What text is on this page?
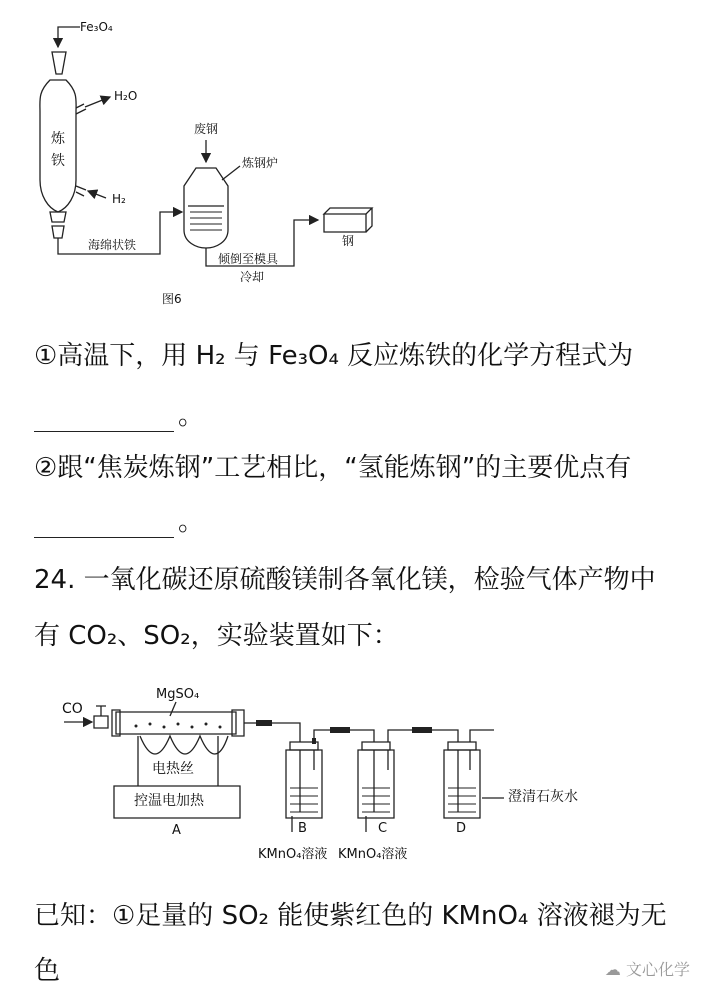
Fe₃O₄
H₂O
H₂
炼
铁
海绵状铁
废钢
炼钢炉
倾倒至模具
冷却
钢
图6
①高温下，用 H₂ 与 Fe₃O₄ 反应炼铁的化学方程式为
。
②跟“焦炭炼钢”工艺相比，“氢能炼钢”的主要优点有
。
24. 一氧化碳还原硫酸镁制各氧化镁，检验气体产物中
有 CO₂、SO₂，实验装置如下：
CO
MgSO₄
电热丝
控温电加热
A	B	C	D
KMnO₄溶液 KMnO₄溶液
澄清石灰水
已知：①足量的 SO₂ 能使紫红色的 KMnO₄ 溶液褪为无
色	☁ 文心化学
